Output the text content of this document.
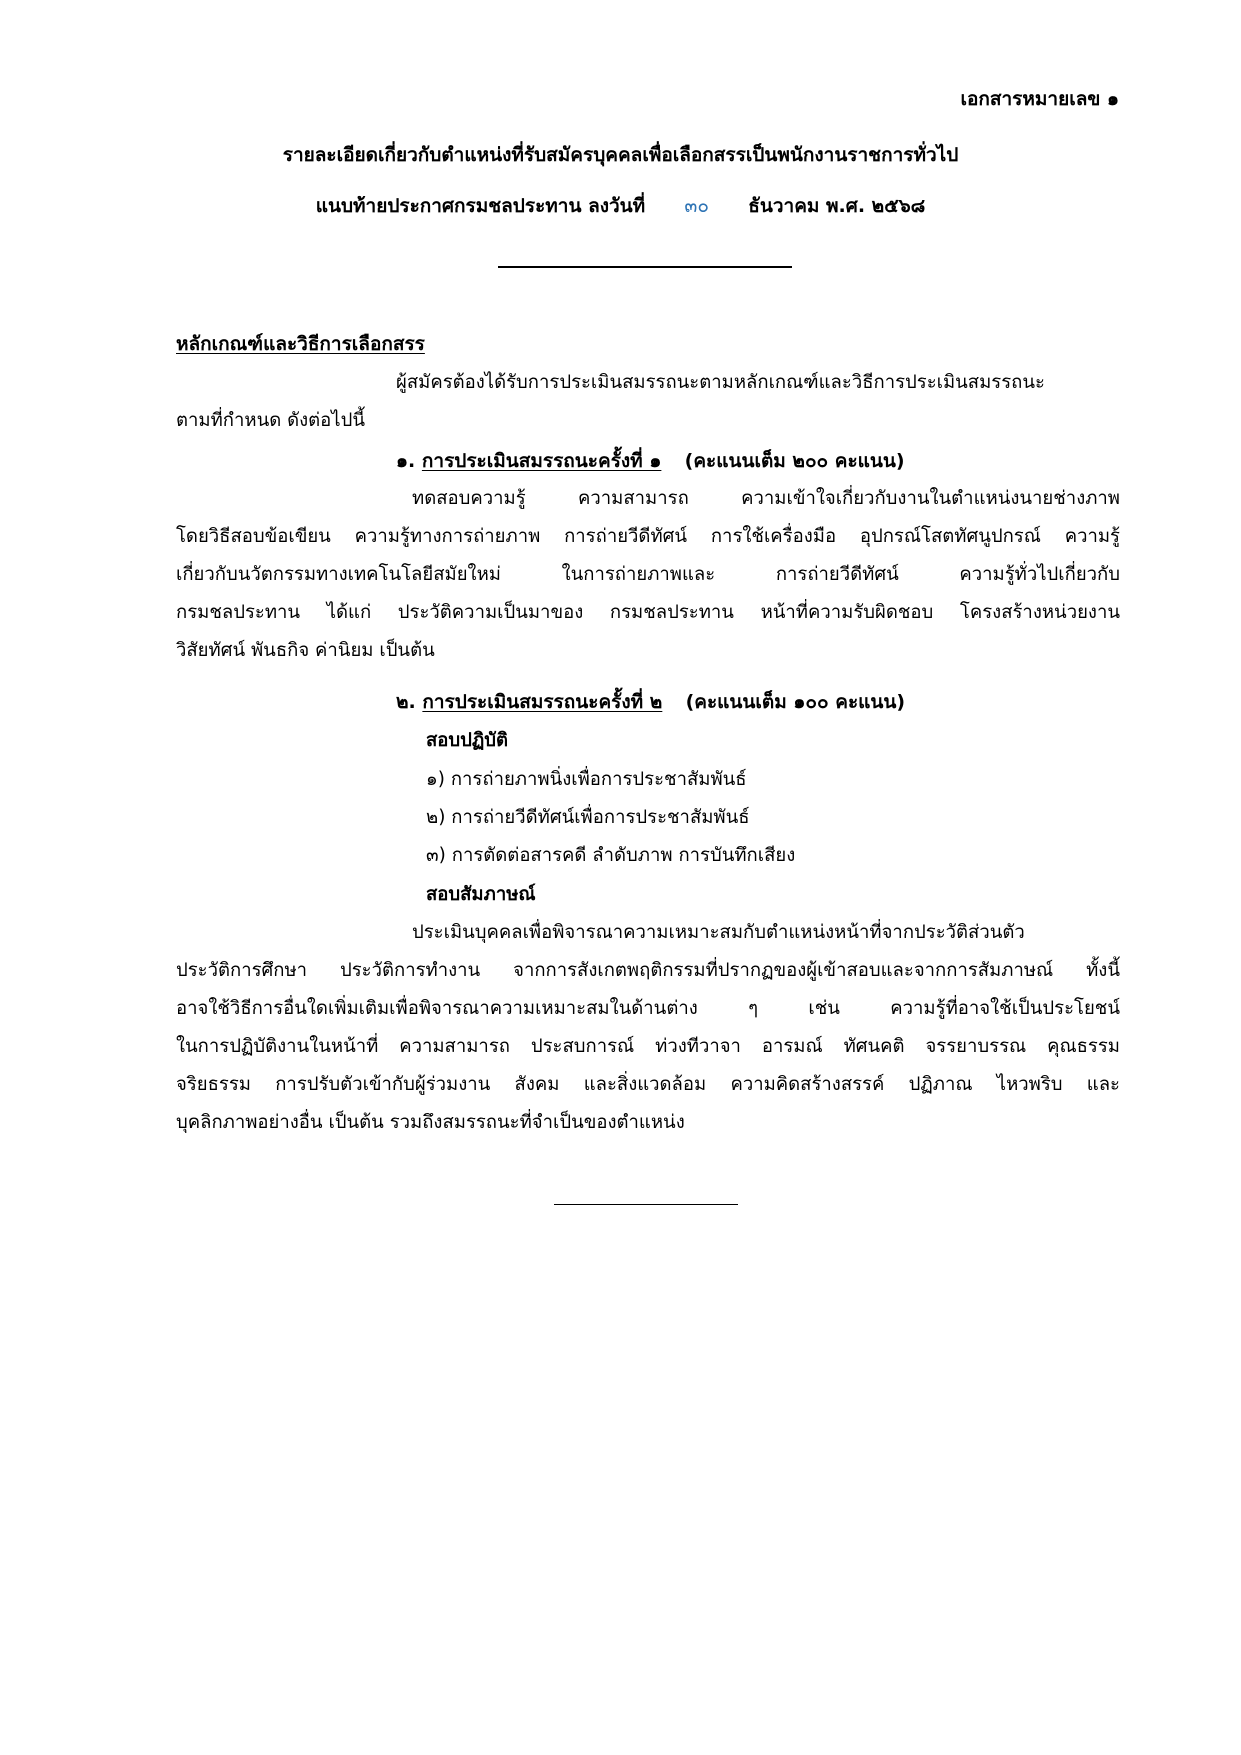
เอกสารหมายเลข ๑
รายละเอียดเกี่ยวกับตำแหน่งที่รับสมัครบุคคลเพื่อเลือกสรรเป็นพนักงานราชการทั่วไป
แนบท้ายประกาศกรมชลประทาน ลงวันที่ ๓๐ ธันวาคม พ.ศ. ๒๕๖๘
หลักเกณฑ์และวิธีการเลือกสรร
ผู้สมัครต้องได้รับการประเมินสมรรถนะตามหลักเกณฑ์และวิธีการประเมินสมรรถนะ
ตามที่กำหนด ดังต่อไปนี้
๑. การประเมินสมรรถนะครั้งที่ ๑ (คะแนนเต็ม ๒๐๐ คะแนน)
ทดสอบความรู้ ความสามารถ ความเข้าใจเกี่ยวกับงานในตำแหน่งนายช่างภาพ
โดยวิธีสอบข้อเขียน ความรู้ทางการถ่ายภาพ การถ่ายวีดีทัศน์ การใช้เครื่องมือ อุปกรณ์โสตทัศนูปกรณ์ ความรู้
เกี่ยวกับนวัตกรรมทางเทคโนโลยีสมัยใหม่ ในการถ่ายภาพและ การถ่ายวีดีทัศน์ ความรู้ทั่วไปเกี่ยวกับ
กรมชลประทาน ได้แก่ ประวัติความเป็นมาของ กรมชลประทาน หน้าที่ความรับผิดชอบ โครงสร้างหน่วยงาน
วิสัยทัศน์ พันธกิจ ค่านิยม เป็นต้น
๒. การประเมินสมรรถนะครั้งที่ ๒ (คะแนนเต็ม ๑๐๐ คะแนน)
สอบปฏิบัติ
๑) การถ่ายภาพนิ่งเพื่อการประชาสัมพันธ์
๒) การถ่ายวีดีทัศน์เพื่อการประชาสัมพันธ์
๓) การตัดต่อสารคดี ลำดับภาพ การบันทึกเสียง
สอบสัมภาษณ์
ประเมินบุคคลเพื่อพิจารณาความเหมาะสมกับตำแหน่งหน้าที่จากประวัติส่วนตัว
ประวัติการศึกษา ประวัติการทำงาน จากการสังเกตพฤติกรรมที่ปรากฏของผู้เข้าสอบและจากการสัมภาษณ์ ทั้งนี้
อาจใช้วิธีการอื่นใดเพิ่มเติมเพื่อพิจารณาความเหมาะสมในด้านต่าง ๆ เช่น ความรู้ที่อาจใช้เป็นประโยชน์
ในการปฏิบัติงานในหน้าที่ ความสามารถ ประสบการณ์ ท่วงทีวาจา อารมณ์ ทัศนคติ จรรยาบรรณ คุณธรรม
จริยธรรม การปรับตัวเข้ากับผู้ร่วมงาน สังคม และสิ่งแวดล้อม ความคิดสร้างสรรค์ ปฏิภาณ ไหวพริบ และ
บุคลิกภาพอย่างอื่น เป็นต้น รวมถึงสมรรถนะที่จำเป็นของตำแหน่ง
